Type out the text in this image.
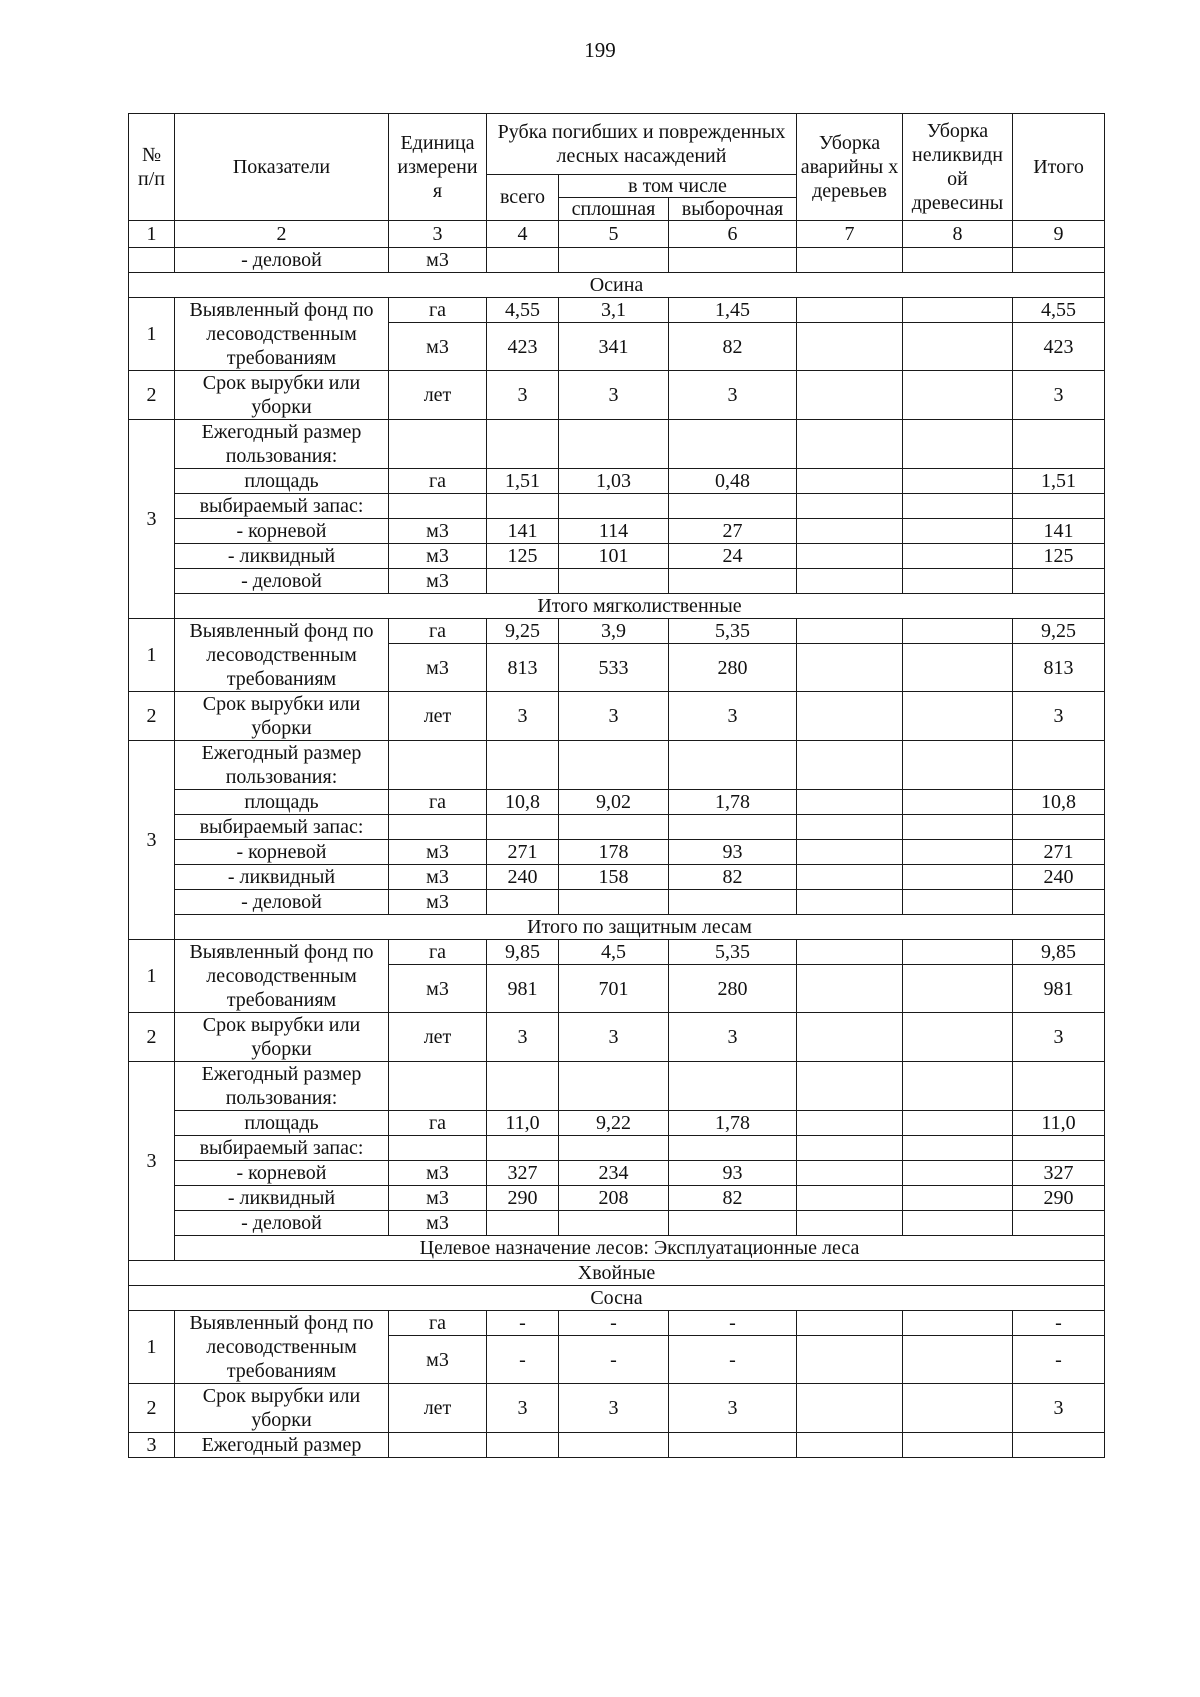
199
№ п/п	Показатели	Единица измерени я	Рубка погибших и поврежденных лесных насаждений			Уборка аварийны х деревьев	Уборка неликвидн ой древесины	Итого
			всего	в том числе				
				сплошная	выборочная			
1	2	3	4	5	6	7	8	9
	- деловой	м3						
Осина								
1	Выявленный фонд по лесоводственным требованиям	га	4,55	3,1	1,45			4,55
		м3	423	341	82			423
2	Срок вырубки или уборки	лет	3	3	3			3
3	Ежегодный размер пользования:							
	площадь	га	1,51	1,03	0,48			1,51
	выбираемый запас:							
	- корневой	м3	141	114	27			141
	- ликвидный	м3	125	101	24			125
	- деловой	м3						
	Итого мягколиственные							
1	Выявленный фонд по лесоводственным требованиям	га	9,25	3,9	5,35			9,25
		м3	813	533	280			813
2	Срок вырубки или уборки	лет	3	3	3			3
3	Ежегодный размер пользования:							
	площадь	га	10,8	9,02	1,78			10,8
	выбираемый запас:							
	- корневой	м3	271	178	93			271
	- ликвидный	м3	240	158	82			240
	- деловой	м3						
	Итого по защитным лесам							
1	Выявленный фонд по лесоводственным требованиям	га	9,85	4,5	5,35			9,85
		м3	981	701	280			981
2	Срок вырубки или уборки	лет	3	3	3			3
3	Ежегодный размер пользования:							
	площадь	га	11,0	9,22	1,78			11,0
	выбираемый запас:							
	- корневой	м3	327	234	93			327
	- ликвидный	м3	290	208	82			290
	- деловой	м3						
	Целевое назначение лесов: Эксплуатационные леса							
Хвойные								
Сосна								
1	Выявленный фонд по лесоводственным требованиям	га	-	-	-			-
		м3	-	-	-			-
2	Срок вырубки или уборки	лет	3	3	3			3
3	Ежегодный размер							
